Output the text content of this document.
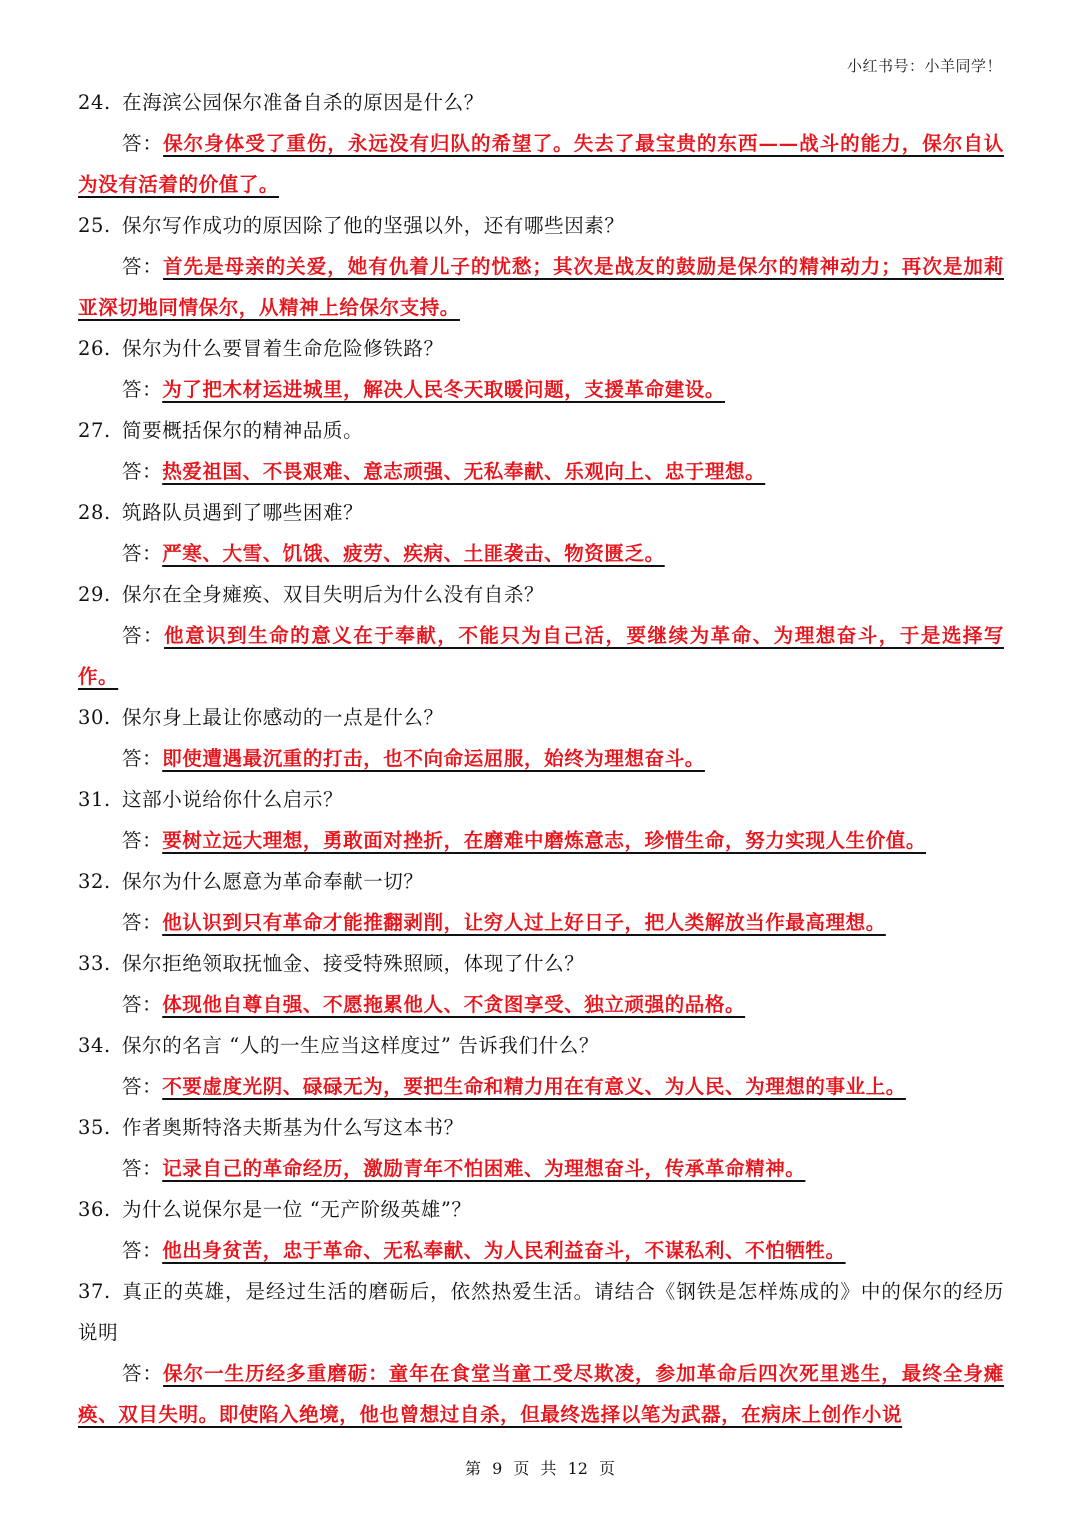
小红书号：小羊同学！
24. 在海滨公园保尔准备自杀的原因是什么？
答：保尔身体受了重伤，永远没有归队的希望了。失去了最宝贵的东西——战斗的能力，保尔自认为没有活着的价值了。
25. 保尔写作成功的原因除了他的坚强以外，还有哪些因素？
答：首先是母亲的关爱，她有仇着儿子的忧愁；其次是战友的鼓励是保尔的精神动力；再次是加莉亚深切地同情保尔，从精神上给保尔支持。
26. 保尔为什么要冒着生命危险修铁路？
答：为了把木材运进城里，解决人民冬天取暖问题，支援革命建设。
27. 简要概括保尔的精神品质。
答：热爱祖国、不畏艰难、意志顽强、无私奉献、乐观向上、忠于理想。
28. 筑路队员遇到了哪些困难？
答：严寒、大雪、饥饿、疲劳、疾病、土匪袭击、物资匮乏。
29. 保尔在全身瘫痪、双目失明后为什么没有自杀？
答：他意识到生命的意义在于奉献，不能只为自己活，要继续为革命、为理想奋斗，于是选择写作。
30. 保尔身上最让你感动的一点是什么？
答：即使遭遇最沉重的打击，也不向命运屈服，始终为理想奋斗。
31. 这部小说给你什么启示？
答：要树立远大理想，勇敢面对挫折，在磨难中磨炼意志，珍惜生命，努力实现人生价值。
32. 保尔为什么愿意为革命奉献一切？
答：他认识到只有革命才能推翻剥削，让穷人过上好日子，把人类解放当作最高理想。
33. 保尔拒绝领取抚恤金、接受特殊照顾，体现了什么？
答：体现他自尊自强、不愿拖累他人、不贪图享受、独立顽强的品格。
34. 保尔的名言 “人的一生应当这样度过” 告诉我们什么？
答：不要虚度光阴、碌碌无为，要把生命和精力用在有意义、为人民、为理想的事业上。
35. 作者奥斯特洛夫斯基为什么写这本书？
答：记录自己的革命经历，激励青年不怕困难、为理想奋斗，传承革命精神。
36. 为什么说保尔是一位 “无产阶级英雄”？
答：他出身贫苦，忠于革命、无私奉献、为人民利益奋斗，不谋私利、不怕牺牲。
37. 真正的英雄，是经过生活的磨砺后，依然热爱生活。请结合《钢铁是怎样炼成的》中的保尔的经历说明
答：保尔一生历经多重磨砺：童年在食堂当童工受尽欺凌，参加革命后四次死里逃生，最终全身瘫痪、双目失明。即使陷入绝境，他也曾想过自杀，但最终选择以笔为武器，在病床上创作小说
第 9 页 共 12 页
